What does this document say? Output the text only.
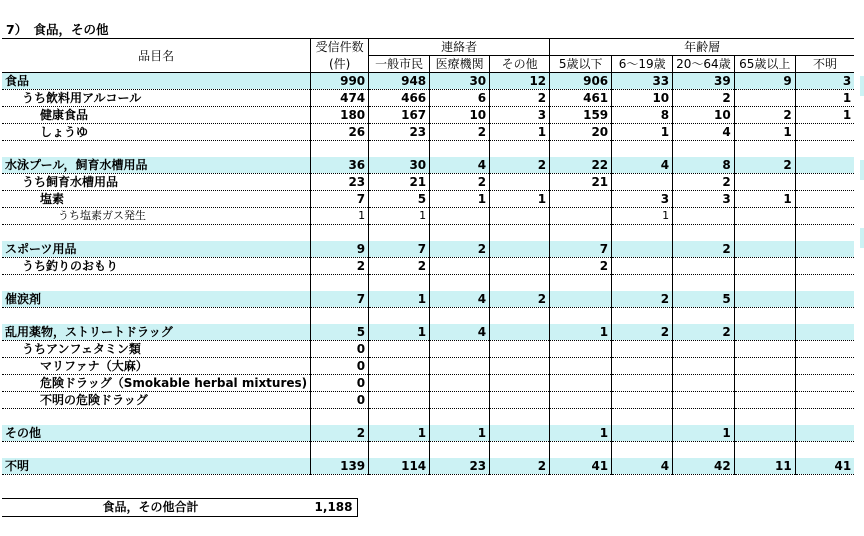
7）　食品，その他
品目名	受信件数	連絡者			年齢層				
	(件)	一般市民	医療機関	その他	5歳以下	6～19歳	20～64歳	65歳以上	不明
食品	990	948	30	12	906	33	39	9	3
うち飲料用アルコール	474	466	6	2	461	10	2		1
健康食品	180	167	10	3	159	8	10	2	1
しょうゆ	26	23	2	1	20	1	4	1	

水泳プール，飼育水槽用品	36	30	4	2	22	4	8	2	
うち飼育水槽用品	23	21	2		21		2		
塩素	7	5	1	1		3	3	1	
うち塩素ガス発生	1	1				1			

スポーツ用品	9	7	2		7		2		
うち釣りのおもり	2	2			2				

催涙剤	7	1	4	2		2	5		

乱用薬物，ストリートドラッグ	5	1	4		1	2	2		
うちアンフェタミン類	0								
マリファナ（大麻）	0								
危険ドラッグ（Smokable herbal mixtures)	0								
不明の危険ドラッグ	0								

その他	2	1	1		1		1		

不明	139	114	23	2	41	4	42	11	41
食品，その他合計	1,188
